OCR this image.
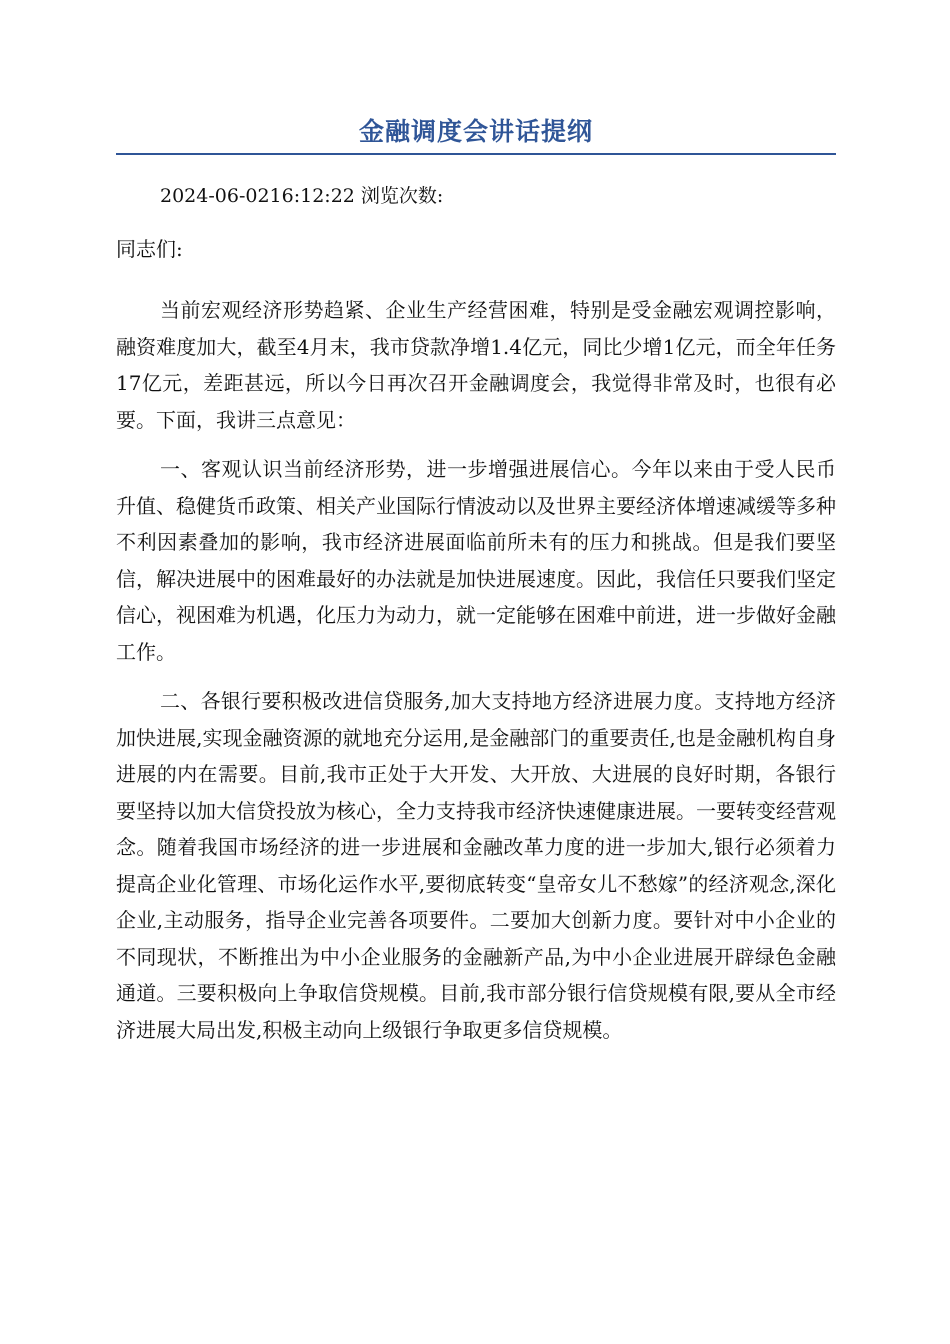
金融调度会讲话提纲
2024-06-0216:12:22 浏览次数:
同志们:

当前宏观经济形势趋紧、企业生产经营困难，特别是受金融宏观调控影响，融资难度加大，截至4月末，我市贷款净增1.4亿元，同比少增1亿元，而全年任务17亿元，差距甚远，所以今日再次召开金融调度会，我觉得非常及时，也很有必要。下面，我讲三点意见：

一、客观认识当前经济形势，进一步增强进展信心。今年以来由于受人民币升值、稳健货币政策、相关产业国际行情波动以及世界主要经济体增速减缓等多种不利因素叠加的影响，我市经济进展面临前所未有的压力和挑战。但是我们要坚信，解决进展中的困难最好的办法就是加快进展速度。因此，我信任只要我们坚定信心，视困难为机遇，化压力为动力，就一定能够在困难中前进，进一步做好金融工作。

二、各银行要积极改进信贷服务,加大支持地方经济进展力度。支持地方经济加快进展,实现金融资源的就地充分运用,是金融部门的重要责任,也是金融机构自身进展的内在需要。目前,我市正处于大开发、大开放、大进展的良好时期，各银行要坚持以加大信贷投放为核心，全力支持我市经济快速健康进展。一要转变经营观念。随着我国市场经济的进一步进展和金融改革力度的进一步加大,银行必须着力提高企业化管理、市场化运作水平,要彻底转变“皇帝女儿不愁嫁”的经济观念,深化企业,主动服务，指导企业完善各项要件。二要加大创新力度。要针对中小企业的不同现状，不断推出为中小企业服务的金融新产品,为中小企业进展开辟绿色金融通道。三要积极向上争取信贷规模。目前,我市部分银行信贷规模有限,要从全市经济进展大局出发,积极主动向上级银行争取更多信贷规模。
